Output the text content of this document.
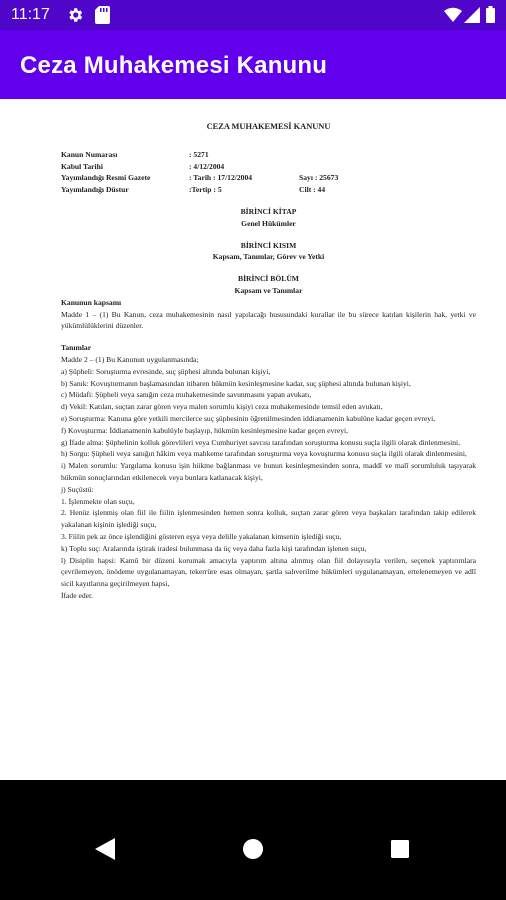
11:17
Ceza Muhakemesi Kanunu
CEZA MUHAKEMESİ KANUNU
Kanun Numarası	: 5271
Kabul Tarihi	: 4/12/2004
Yayımlandığı Resmi Gazete	: Tarih : 17/12/2004	Sayı : 25673
Yayımlandığı Düstur	:Tertip : 5	Cilt : 44
BİRİNCİ KİTAP
Genel Hükümler
BİRİNCİ KISIM
Kapsam, Tanımlar, Görev ve Yetki
BİRİNCİ BÖLÜM
Kapsam ve Tanımlar
Kanunun kapsamı
Madde 1 – (1) Bu Kanun, ceza muhakemesinin nasıl yapılacağı hususundaki kurallar ile bu sürece katılan kişilerin hak, yetki ve yükümlülüklerini düzenler.
Tanımlar
Madde 2 – (1) Bu Kanunun uygulanmasında;
a) Şüpheli: Soruşturma evresinde, suç şüphesi altında bulunan kişiyi,
b) Sanık: Kovuşturmanın başlamasından itibaren hükmün kesinleşmesine kadar, suç şüphesi altında bulunan kişiyi,
c) Müdafi: Şüpheli veya sanığın ceza muhakemesinde savunmasını yapan avukatı,
d) Vekil: Katılan, suçtan zarar gören veya malen sorumlu kişiyi ceza muhakemesinde temsil eden avukatı,
e) Soruşturma: Kanuna göre yetkili mercilerce suç şüphesinin öğrenilmesinden iddianamenin kabulüne kadar geçen evreyi,
f) Kovuşturma: İddianamenin kabulüyle başlayıp, hükmün kesinleşmesine kadar geçen evreyi,
g) İfade alma: Şüphelinin kolluk görevlileri veya Cumhuriyet savcısı tarafından soruşturma konusu suçla ilgili olarak dinlenmesini,
h) Sorgu: Şüpheli veya sanığın hâkim veya mahkeme tarafından soruşturma veya kovuşturma konusu suçla ilgili olarak dinlenmesini,
i) Malen sorumlu: Yargılama konusu işin hükme bağlanması ve bunun kesinleşmesinden sonra, maddî ve malî sorumluluk taşıyarak hükmün sonuçlarından etkilenecek veya bunlara katlanacak kişiyi,
j) Suçüstü:
1. İşlenmekte olan suçu,
2. Henüz işlenmiş olan fiil ile fiilin işlenmesinden hemen sonra kolluk, suçtan zarar gören veya başkaları tarafından takip edilerek yakalanan kişinin işlediği suçu,
3. Fiilin pek az önce işlendiğini gösteren eşya veya delille yakalanan kimsenin işlediği suçu,
k) Toplu suç: Aralarında iştirak iradesi bulunmasa da üç veya daha fazla kişi tarafından işlenen suçu,
l) Disiplin hapsi: Kamû bir düzeni korumak amacıyla yaptırım altına alınmış olan fiil dolayısıyla verilen, seçenek yaptırımlara çevrilemeyen, önödeme uygulanamayan, tekerrüre esas olmayan, şartla salıverilme hükümleri uygulanamayan, ertelenemeyen ve adlî sicil kayıtlarına geçirilmeyen hapsi,
İfade eder.
